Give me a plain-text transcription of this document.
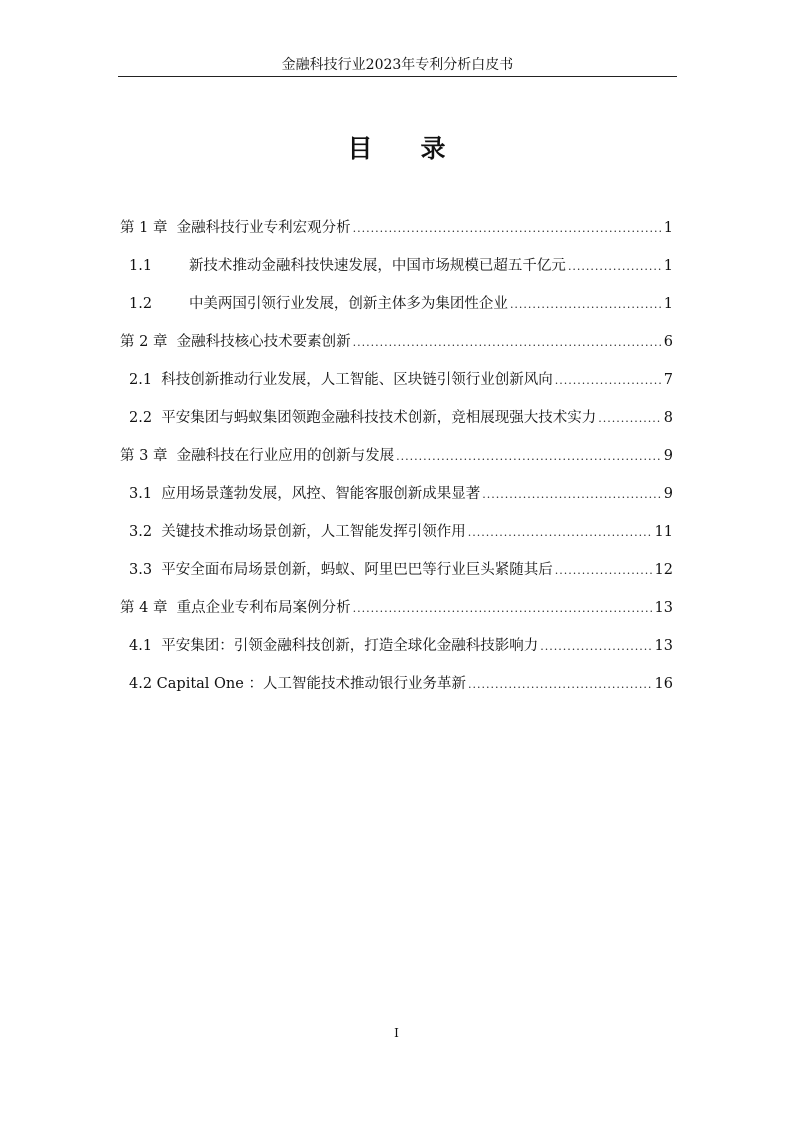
金融科技行业2023年专利分析白皮书
目 录
第 1 章 金融科技行业专利宏观分析 .....	1
1.1 新技术推动金融科技快速发展，中国市场规模已超五千亿元 .....	1
1.2 中美两国引领行业发展，创新主体多为集团性企业 .....	1
第 2 章 金融科技核心技术要素创新 .....	6
2.1 科技创新推动行业发展，人工智能、区块链引领行业创新风向 .....	7
2.2 平安集团与蚂蚁集团领跑金融科技技术创新，竞相展现强大技术实力 .....	8
第 3 章 金融科技在行业应用的创新与发展 .....	9
3.1 应用场景蓬勃发展，风控、智能客服创新成果显著 .....	9
3.2 关键技术推动场景创新，人工智能发挥引领作用 .....	11
3.3 平安全面布局场景创新，蚂蚁、阿里巴巴等行业巨头紧随其后 .....	12
第 4 章 重点企业专利布局案例分析 .....	13
4.1 平安集团：引领金融科技创新，打造全球化金融科技影响力 .....	13
4.2 Capital One ：人工智能技术推动银行业务革新 .....	16
I
